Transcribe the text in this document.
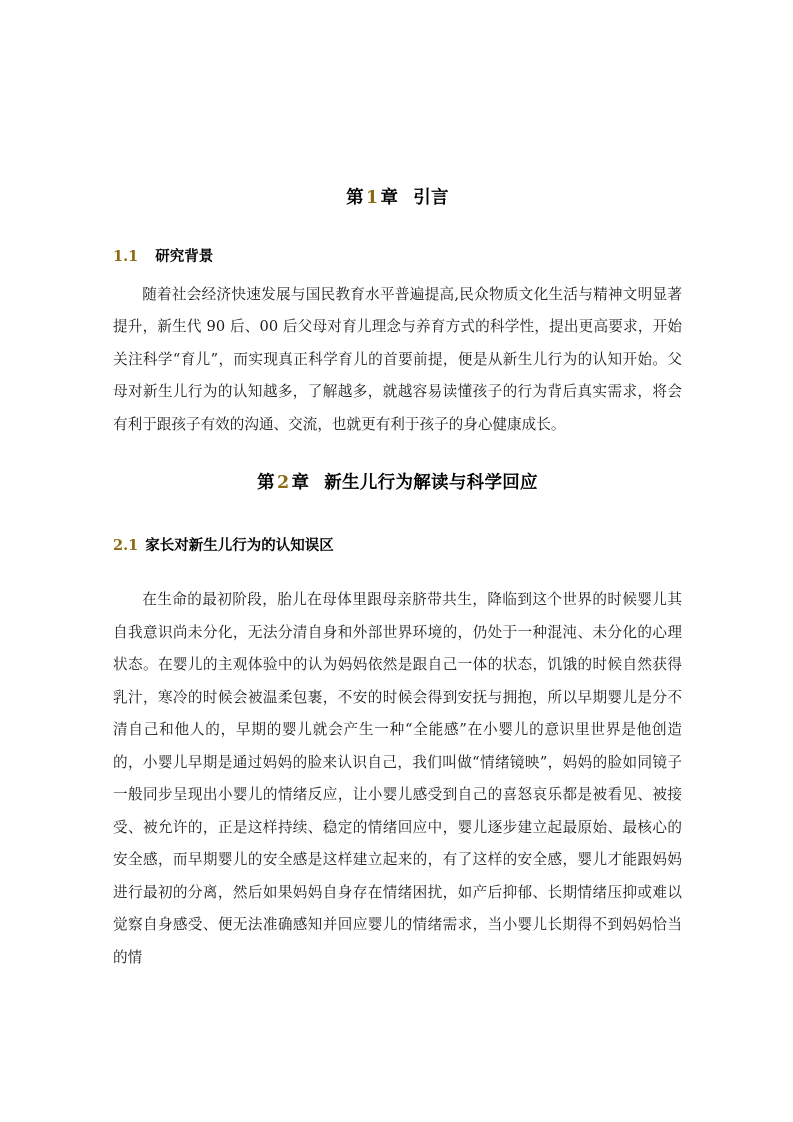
第 1 章 引言
1.1 研究背景

随着社会经济快速发展与国民教育水平普遍提高,民众物质文化生活与精神文明显著提升，新生代 90 后、00 后父母对育儿理念与养育方式的科学性，提出更高要求，开始关注科学“育儿”，而实现真正科学育儿的首要前提，便是从新生儿行为的认知开始。父母对新生儿行为的认知越多，了解越多，就越容易读懂孩子的行为背后真实需求，将会有利于跟孩子有效的沟通、交流，也就更有利于孩子的身心健康成长。

第 2 章 新生儿行为解读与科学回应
2.1 家长对新生儿行为的认知误区

在生命的最初阶段，胎儿在母体里跟母亲脐带共生，降临到这个世界的时候婴儿其自我意识尚未分化，无法分清自身和外部世界环境的，仍处于一种混沌、未分化的心理状态。在婴儿的主观体验中的认为妈妈依然是跟自己一体的状态，饥饿的时候自然获得乳汁，寒冷的时候会被温柔包裹，不安的时候会得到安抚与拥抱，所以早期婴儿是分不清自己和他人的，早期的婴儿就会产生一种“全能感”在小婴儿的意识里世界是他创造的，小婴儿早期是通过妈妈的脸来认识自己，我们叫做“情绪镜映”，妈妈的脸如同镜子一般同步呈现出小婴儿的情绪反应，让小婴儿感受到自己的喜怒哀乐都是被看见、被接受、被允许的，正是这样持续、稳定的情绪回应中，婴儿逐步建立起最原始、最核心的安全感，而早期婴儿的安全感是这样建立起来的，有了这样的安全感，婴儿才能跟妈妈进行最初的分离，然后如果妈妈自身存在情绪困扰，如产后抑郁、长期情绪压抑或难以觉察自身感受、便无法准确感知并回应婴儿的情绪需求，当小婴儿长期得不到妈妈恰当的情
